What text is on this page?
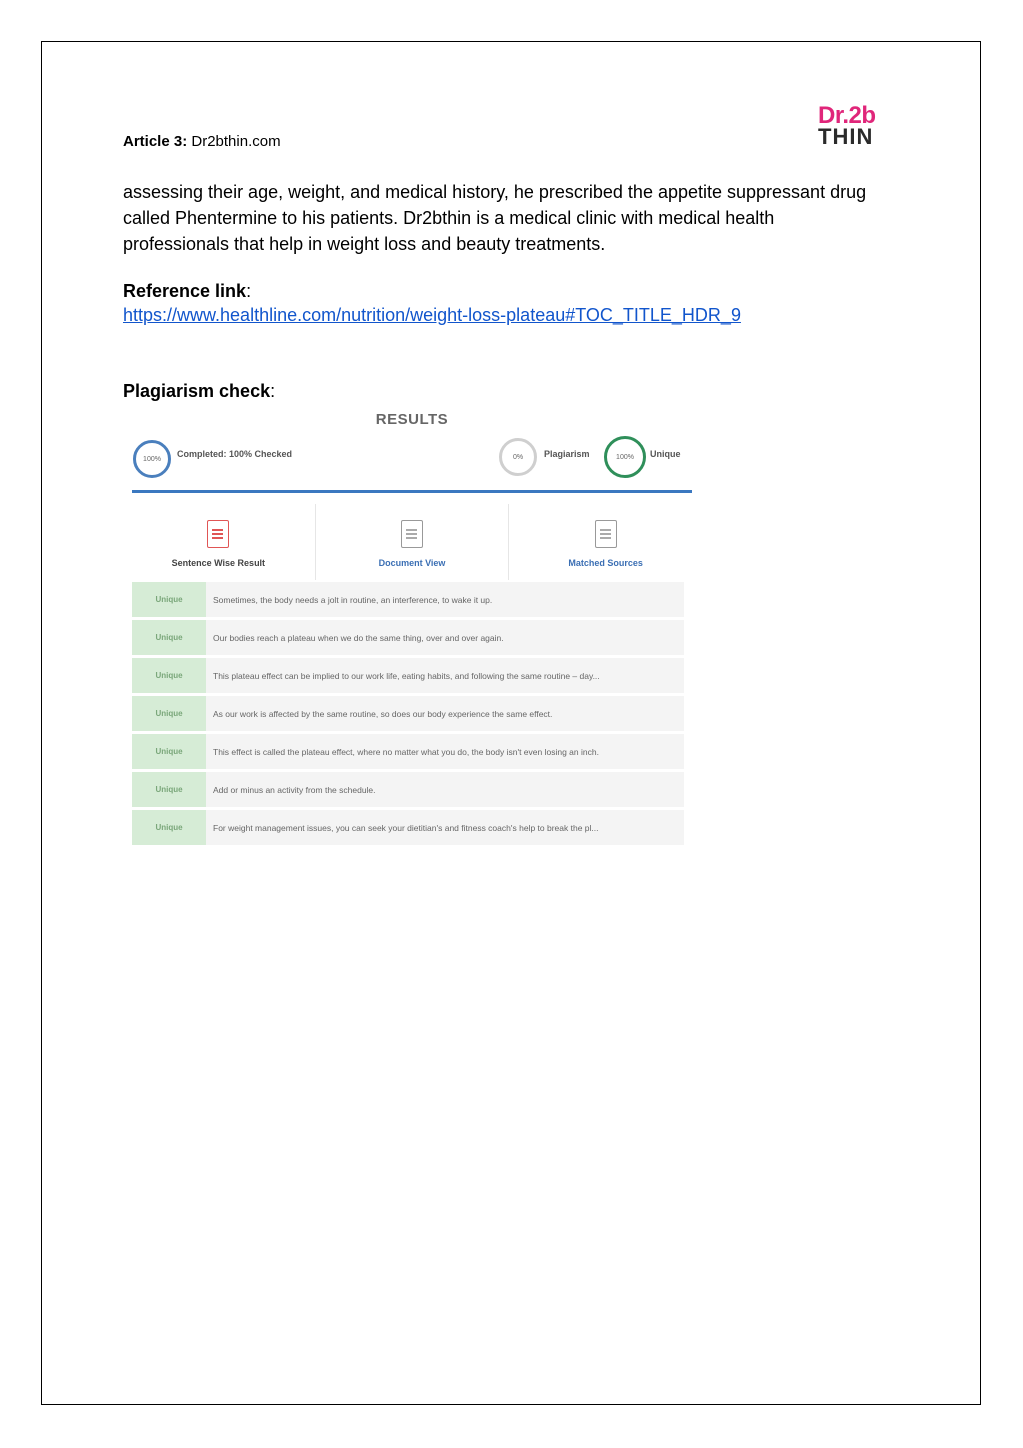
Article 3: Dr2bthin.com
Dr.2b
THIN
assessing their age, weight, and medical history, he prescribed the appetite suppressant drug called Phentermine to his patients. Dr2bthin is a medical clinic with medical health professionals that help in weight loss and beauty treatments.
Reference link:
https://www.healthline.com/nutrition/weight-loss-plateau#TOC_TITLE_HDR_9
Plagiarism check:
RESULTS
100% Completed: 100% Checked	0% Plagiarism	100% Unique
Sentence Wise Result	Document View	Matched Sources
Unique	Sometimes, the body needs a jolt in routine, an interference, to wake it up.
Unique	Our bodies reach a plateau when we do the same thing, over and over again.
Unique	This plateau effect can be implied to our work life, eating habits, and following the same routine – day...
Unique	As our work is affected by the same routine, so does our body experience the same effect.
Unique	This effect is called the plateau effect, where no matter what you do, the body isn't even losing an inch.
Unique	Add or minus an activity from the schedule.
Unique	For weight management issues, you can seek your dietitian's and fitness coach's help to break the pl...
